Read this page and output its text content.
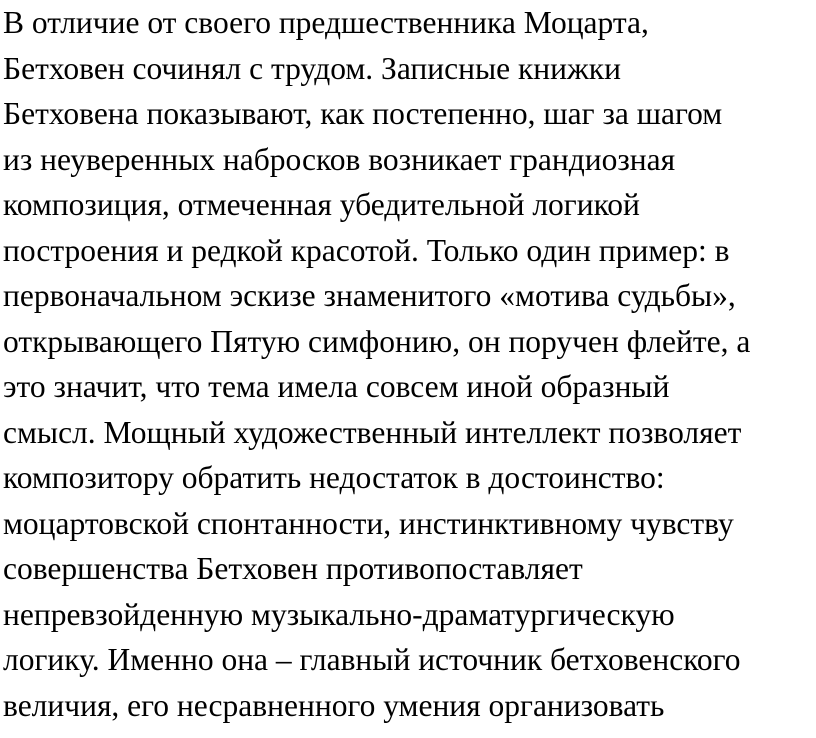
В отличие от своего предшественника Моцарта,
Бетховен сочинял с трудом. Записные книжки
Бетховена показывают, как постепенно, шаг за шагом
из неуверенных набросков возникает грандиозная
композиция, отмеченная убедительной логикой
построения и редкой красотой. Только один пример: в
первоначальном эскизе знаменитого «мотива судьбы»,
открывающего Пятую симфонию, он поручен флейте, а
это значит, что тема имела совсем иной образный
смысл. Мощный художественный интеллект позволяет
композитору обратить недостаток в достоинство:
моцартовской спонтанности, инстинктивному чувству
совершенства Бетховен противопоставляет
непревзойденную музыкально-драматургическую
логику. Именно она – главный источник бетховенского
величия, его несравненного умения организовать
